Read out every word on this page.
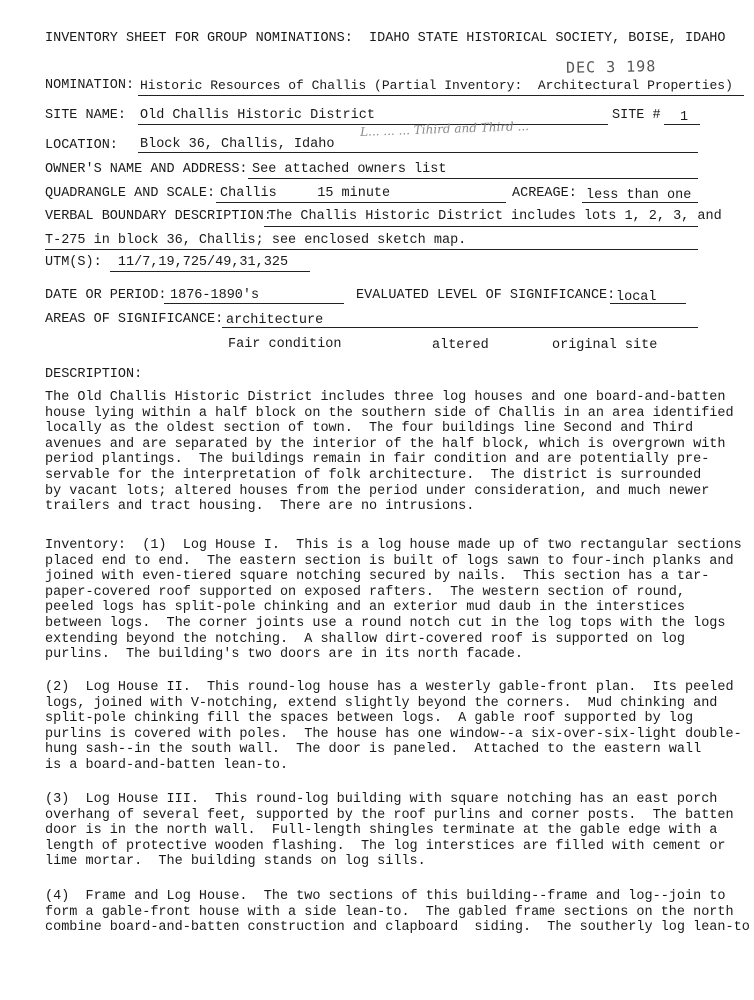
INVENTORY SHEET FOR GROUP NOMINATIONS:  IDAHO STATE HISTORICAL SOCIETY, BOISE, IDAHO
DEC 3 198
NOMINATION: Historic Resources of Challis (Partial Inventory:  Architectural Properties)
SITE NAME: Old Challis Historic District	SITE # 1
LOCATION: Block 36, Challis, Idaho
L... ... ... Tihird and Third ...
OWNER'S NAME AND ADDRESS: See attached owners list
QUADRANGLE AND SCALE: Challis     15 minute	ACREAGE: less than one
VERBAL BOUNDARY DESCRIPTION:
The Challis Historic District includes lots 1, 2, 3, and
T-275 in block 36, Challis; see enclosed sketch map.
UTM(S):  11/7,19,725/49,31,325
DATE OR PERIOD: 1876-1890's	EVALUATED LEVEL OF SIGNIFICANCE: local
AREAS OF SIGNIFICANCE: architecture
Fair condition	altered	original site
DESCRIPTION:
The Old Challis Historic District includes three log houses and one board-and-batten
house lying within a half block on the southern side of Challis in an area identified
locally as the oldest section of town.  The four buildings line Second and Third
avenues and are separated by the interior of the half block, which is overgrown with
period plantings.  The buildings remain in fair condition and are potentially pre-
servable for the interpretation of folk architecture.  The district is surrounded
by vacant lots; altered houses from the period under consideration, and much newer
trailers and tract housing.  There are no intrusions.
Inventory:  (1)  Log House I.  This is a log house made up of two rectangular sections
placed end to end.  The eastern section is built of logs sawn to four-inch planks and
joined with even-tiered square notching secured by nails.  This section has a tar-
paper-covered roof supported on exposed rafters.  The western section of round,
peeled logs has split-pole chinking and an exterior mud daub in the interstices
between logs.  The corner joints use a round notch cut in the log tops with the logs
extending beyond the notching.  A shallow dirt-covered roof is supported on log
purlins.  The building's two doors are in its north facade.
(2)  Log House II.  This round-log house has a westerly gable-front plan.  Its peeled
logs, joined with V-notching, extend slightly beyond the corners.  Mud chinking and
split-pole chinking fill the spaces between logs.  A gable roof supported by log
purlins is covered with poles.  The house has one window--a six-over-six-light double-
hung sash--in the south wall.  The door is paneled.  Attached to the eastern wall
is a board-and-batten lean-to.
(3)  Log House III.  This round-log building with square notching has an east porch
overhang of several feet, supported by the roof purlins and corner posts.  The batten
door is in the north wall.  Full-length shingles terminate at the gable edge with a
length of protective wooden flashing.  The log interstices are filled with cement or
lime mortar.  The building stands on log sills.
(4)  Frame and Log House.  The two sections of this building--frame and log--join to
form a gable-front house with a side lean-to.  The gabled frame sections on the north
combine board-and-batten construction and clapboard  siding.  The southerly log lean-to
